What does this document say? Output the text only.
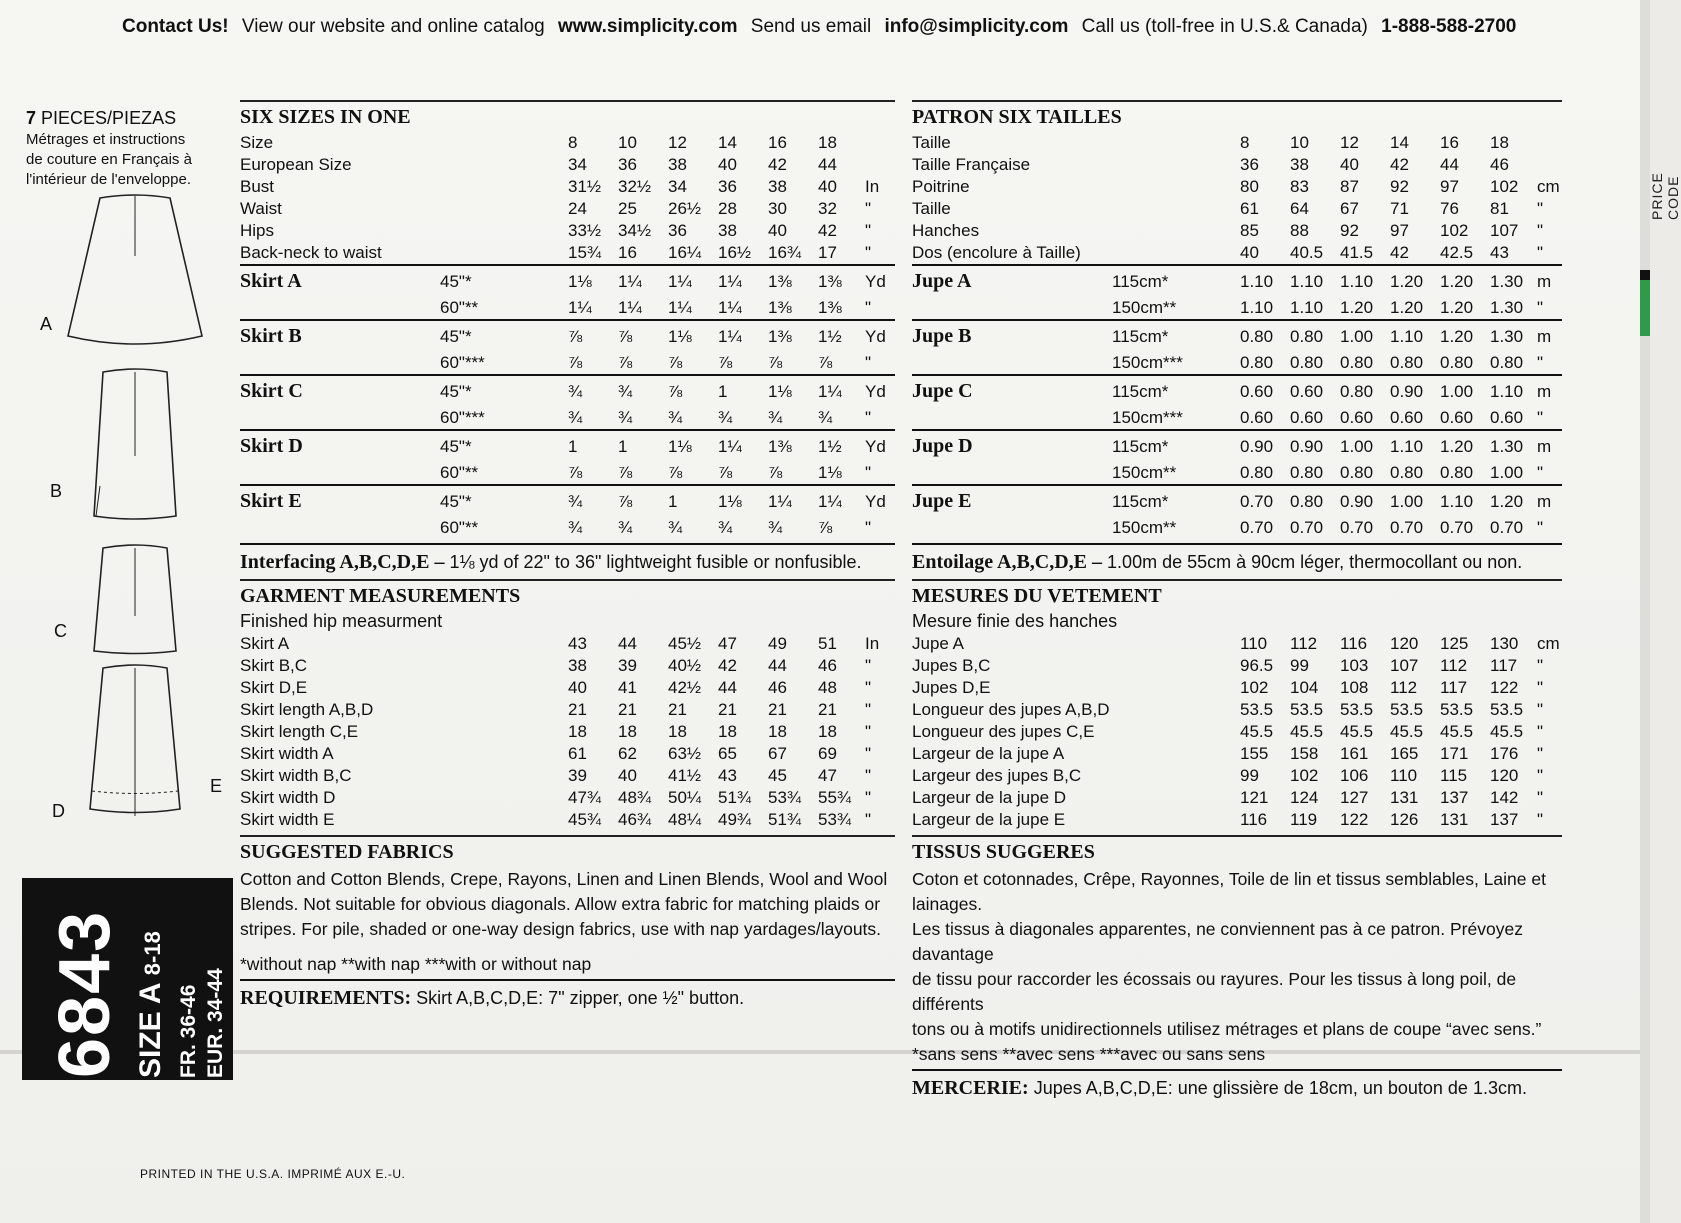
Contact Us! View our website and online catalog www.simplicity.com Send us email info@simplicity.com Call us (toll-free in U.S.& Canada) 1-888-588-2700
7 PIECES/PIEZAS
Métrages et instructions
de couture en Français à
l'intérieur de l'enveloppe.
A
B
C
D
E
6843 SIZE A 8-18
FR. 36-46 EUR. 34-44
PRICE CODE
SIX SIZES IN ONE
Size	8	10	12	14	16	18	
European Size	34	36	38	40	42	44	
Bust	31½	32½	34	36	38	40	In
Waist	24	25	26½	28	30	32	"
Hips	33½	34½	36	38	40	42	"
Back-neck to waist	15¾	16	16¼	16½	16¾	17	"
Skirt A	45"*	1⅛	1¼	1¼	1¼	1⅜	1⅜	Yd
	60"**	1¼	1¼	1¼	1¼	1⅜	1⅜	"
Skirt B	45"*	⅞	⅞	1⅛	1¼	1⅜	1½	Yd
	60"***	⅞	⅞	⅞	⅞	⅞	⅞	"
Skirt C	45"*	¾	¾	⅞	1	1⅛	1¼	Yd
	60"***	¾	¾	¾	¾	¾	¾	"
Skirt D	45"*	1	1	1⅛	1¼	1⅜	1½	Yd
	60"**	⅞	⅞	⅞	⅞	⅞	1⅛	"
Skirt E	45"*	¾	⅞	1	1⅛	1¼	1¼	Yd
	60"**	¾	¾	¾	¾	¾	⅞	"
Interfacing A,B,C,D,E – 1⅛ yd of 22" to 36" lightweight fusible or nonfusible.
GARMENT MEASUREMENTS
Finished hip measurment
Skirt A	43	44	45½	47	49	51	In
Skirt B,C	38	39	40½	42	44	46	"
Skirt D,E	40	41	42½	44	46	48	"
Skirt length A,B,D	21	21	21	21	21	21	"
Skirt length C,E	18	18	18	18	18	18	"
Skirt width A	61	62	63½	65	67	69	"
Skirt width B,C	39	40	41½	43	45	47	"
Skirt width D	47¾	48¾	50¼	51¾	53¾	55¾	"
Skirt width E	45¾	46¾	48¼	49¾	51¾	53¾	"
SUGGESTED FABRICS
Cotton and Cotton Blends, Crepe, Rayons, Linen and Linen Blends, Wool and Wool
Blends. Not suitable for obvious diagonals. Allow extra fabric for matching plaids or
stripes. For pile, shaded or one-way design fabrics, use with nap yardages/layouts.
*without nap **with nap ***with or without nap
REQUIREMENTS: Skirt A,B,C,D,E: 7" zipper, one ½" button.
PATRON SIX TAILLES
Taille	8	10	12	14	16	18	
Taille Française	36	38	40	42	44	46	
Poitrine	80	83	87	92	97	102	cm
Taille	61	64	67	71	76	81	"
Hanches	85	88	92	97	102	107	"
Dos (encolure à Taille)	40	40.5	41.5	42	42.5	43	"
Jupe A	115cm*	1.10	1.10	1.10	1.20	1.20	1.30	m
	150cm**	1.10	1.10	1.20	1.20	1.20	1.30	"
Jupe B	115cm*	0.80	0.80	1.00	1.10	1.20	1.30	m
	150cm***	0.80	0.80	0.80	0.80	0.80	0.80	"
Jupe C	115cm*	0.60	0.60	0.80	0.90	1.00	1.10	m
	150cm***	0.60	0.60	0.60	0.60	0.60	0.60	"
Jupe D	115cm*	0.90	0.90	1.00	1.10	1.20	1.30	m
	150cm**	0.80	0.80	0.80	0.80	0.80	1.00	"
Jupe E	115cm*	0.70	0.80	0.90	1.00	1.10	1.20	m
	150cm**	0.70	0.70	0.70	0.70	0.70	0.70	"
Entoilage A,B,C,D,E – 1.00m de 55cm à 90cm léger, thermocollant ou non.
MESURES DU VETEMENT
Mesure finie des hanches
Jupe A	110	112	116	120	125	130	cm
Jupes B,C	96.5	99	103	107	112	117	"
Jupes D,E	102	104	108	112	117	122	"
Longueur des jupes A,B,D	53.5	53.5	53.5	53.5	53.5	53.5	"
Longueur des jupes C,E	45.5	45.5	45.5	45.5	45.5	45.5	"
Largeur de la jupe A	155	158	161	165	171	176	"
Largeur des jupes B,C	99	102	106	110	115	120	"
Largeur de la jupe D	121	124	127	131	137	142	"
Largeur de la jupe E	116	119	122	126	131	137	"
TISSUS SUGGERES
Coton et cotonnades, Crêpe, Rayonnes, Toile de lin et tissus semblables, Laine et lainages.
Les tissus à diagonales apparentes, ne conviennent pas à ce patron. Prévoyez davantage
de tissu pour raccorder les écossais ou rayures. Pour les tissus à long poil, de différents
tons ou à motifs unidirectionnels utilisez métrages et plans de coupe “avec sens.”
*sans sens **avec sens ***avec ou sans sens
MERCERIE: Jupes A,B,C,D,E: une glissière de 18cm, un bouton de 1.3cm.
PRINTED IN THE U.S.A. IMPRIMÉ AUX E.-U.
